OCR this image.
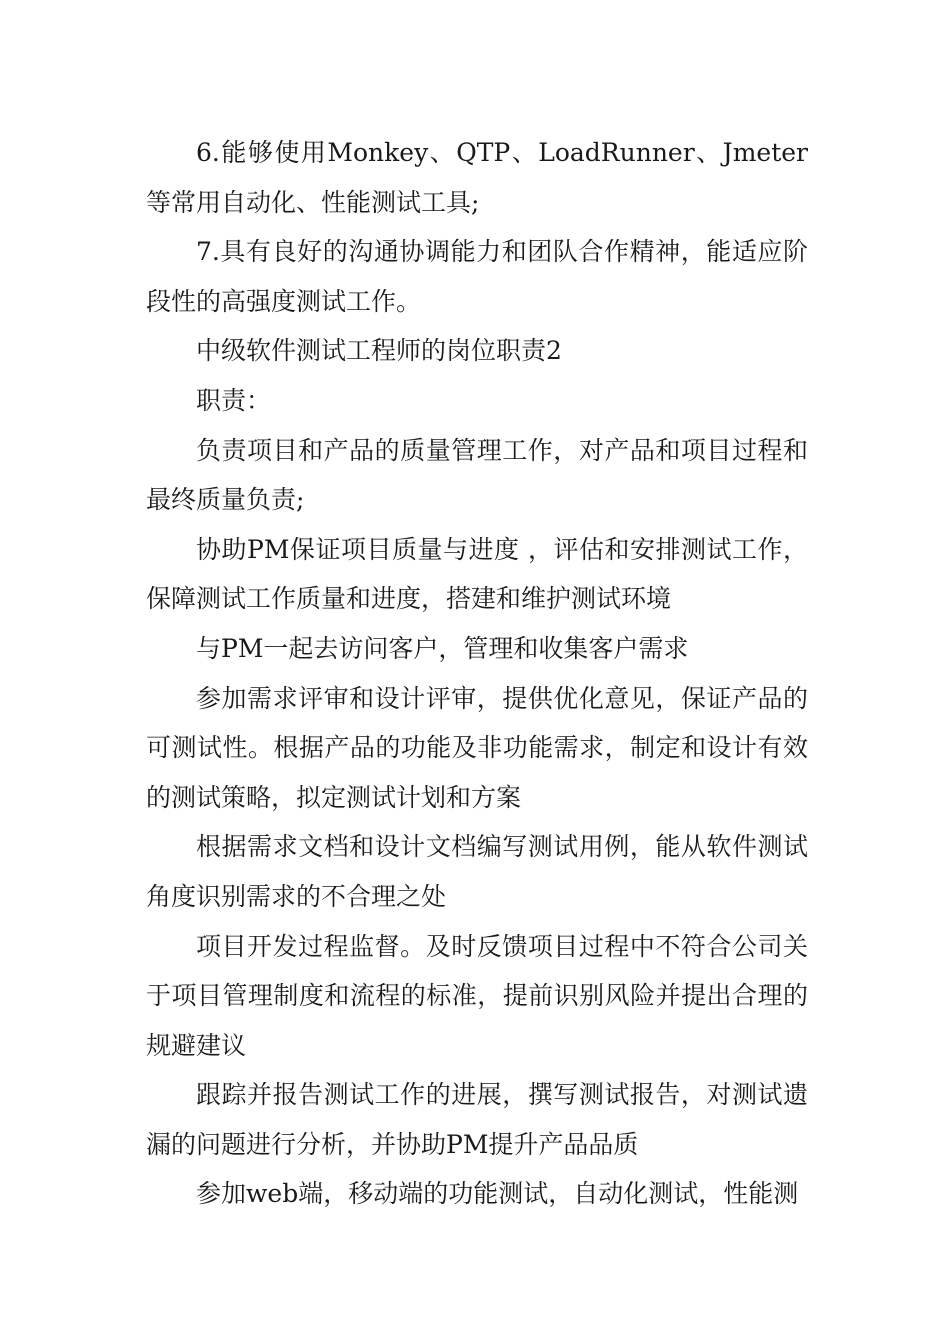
6.能够使用Monkey、QTP、LoadRunner、Jmeter等常用自动化、性能测试工具;

7.具有良好的沟通协调能力和团队合作精神，能适应阶段性的高强度测试工作。

中级软件测试工程师的岗位职责2

职责：

负责项目和产品的质量管理工作，对产品和项目过程和最终质量负责;

协助PM保证项目质量与进度 ，评估和安排测试工作，保障测试工作质量和进度，搭建和维护测试环境

与PM一起去访问客户，管理和收集客户需求

参加需求评审和设计评审，提供优化意见，保证产品的可测试性。根据产品的功能及非功能需求，制定和设计有效的测试策略，拟定测试计划和方案

根据需求文档和设计文档编写测试用例，能从软件测试角度识别需求的不合理之处

项目开发过程监督。及时反馈项目过程中不符合公司关于项目管理制度和流程的标准，提前识别风险并提出合理的规避建议

跟踪并报告测试工作的进展，撰写测试报告，对测试遗漏的问题进行分析，并协助PM提升产品品质

参加web端，移动端的功能测试，自动化测试，性能测
